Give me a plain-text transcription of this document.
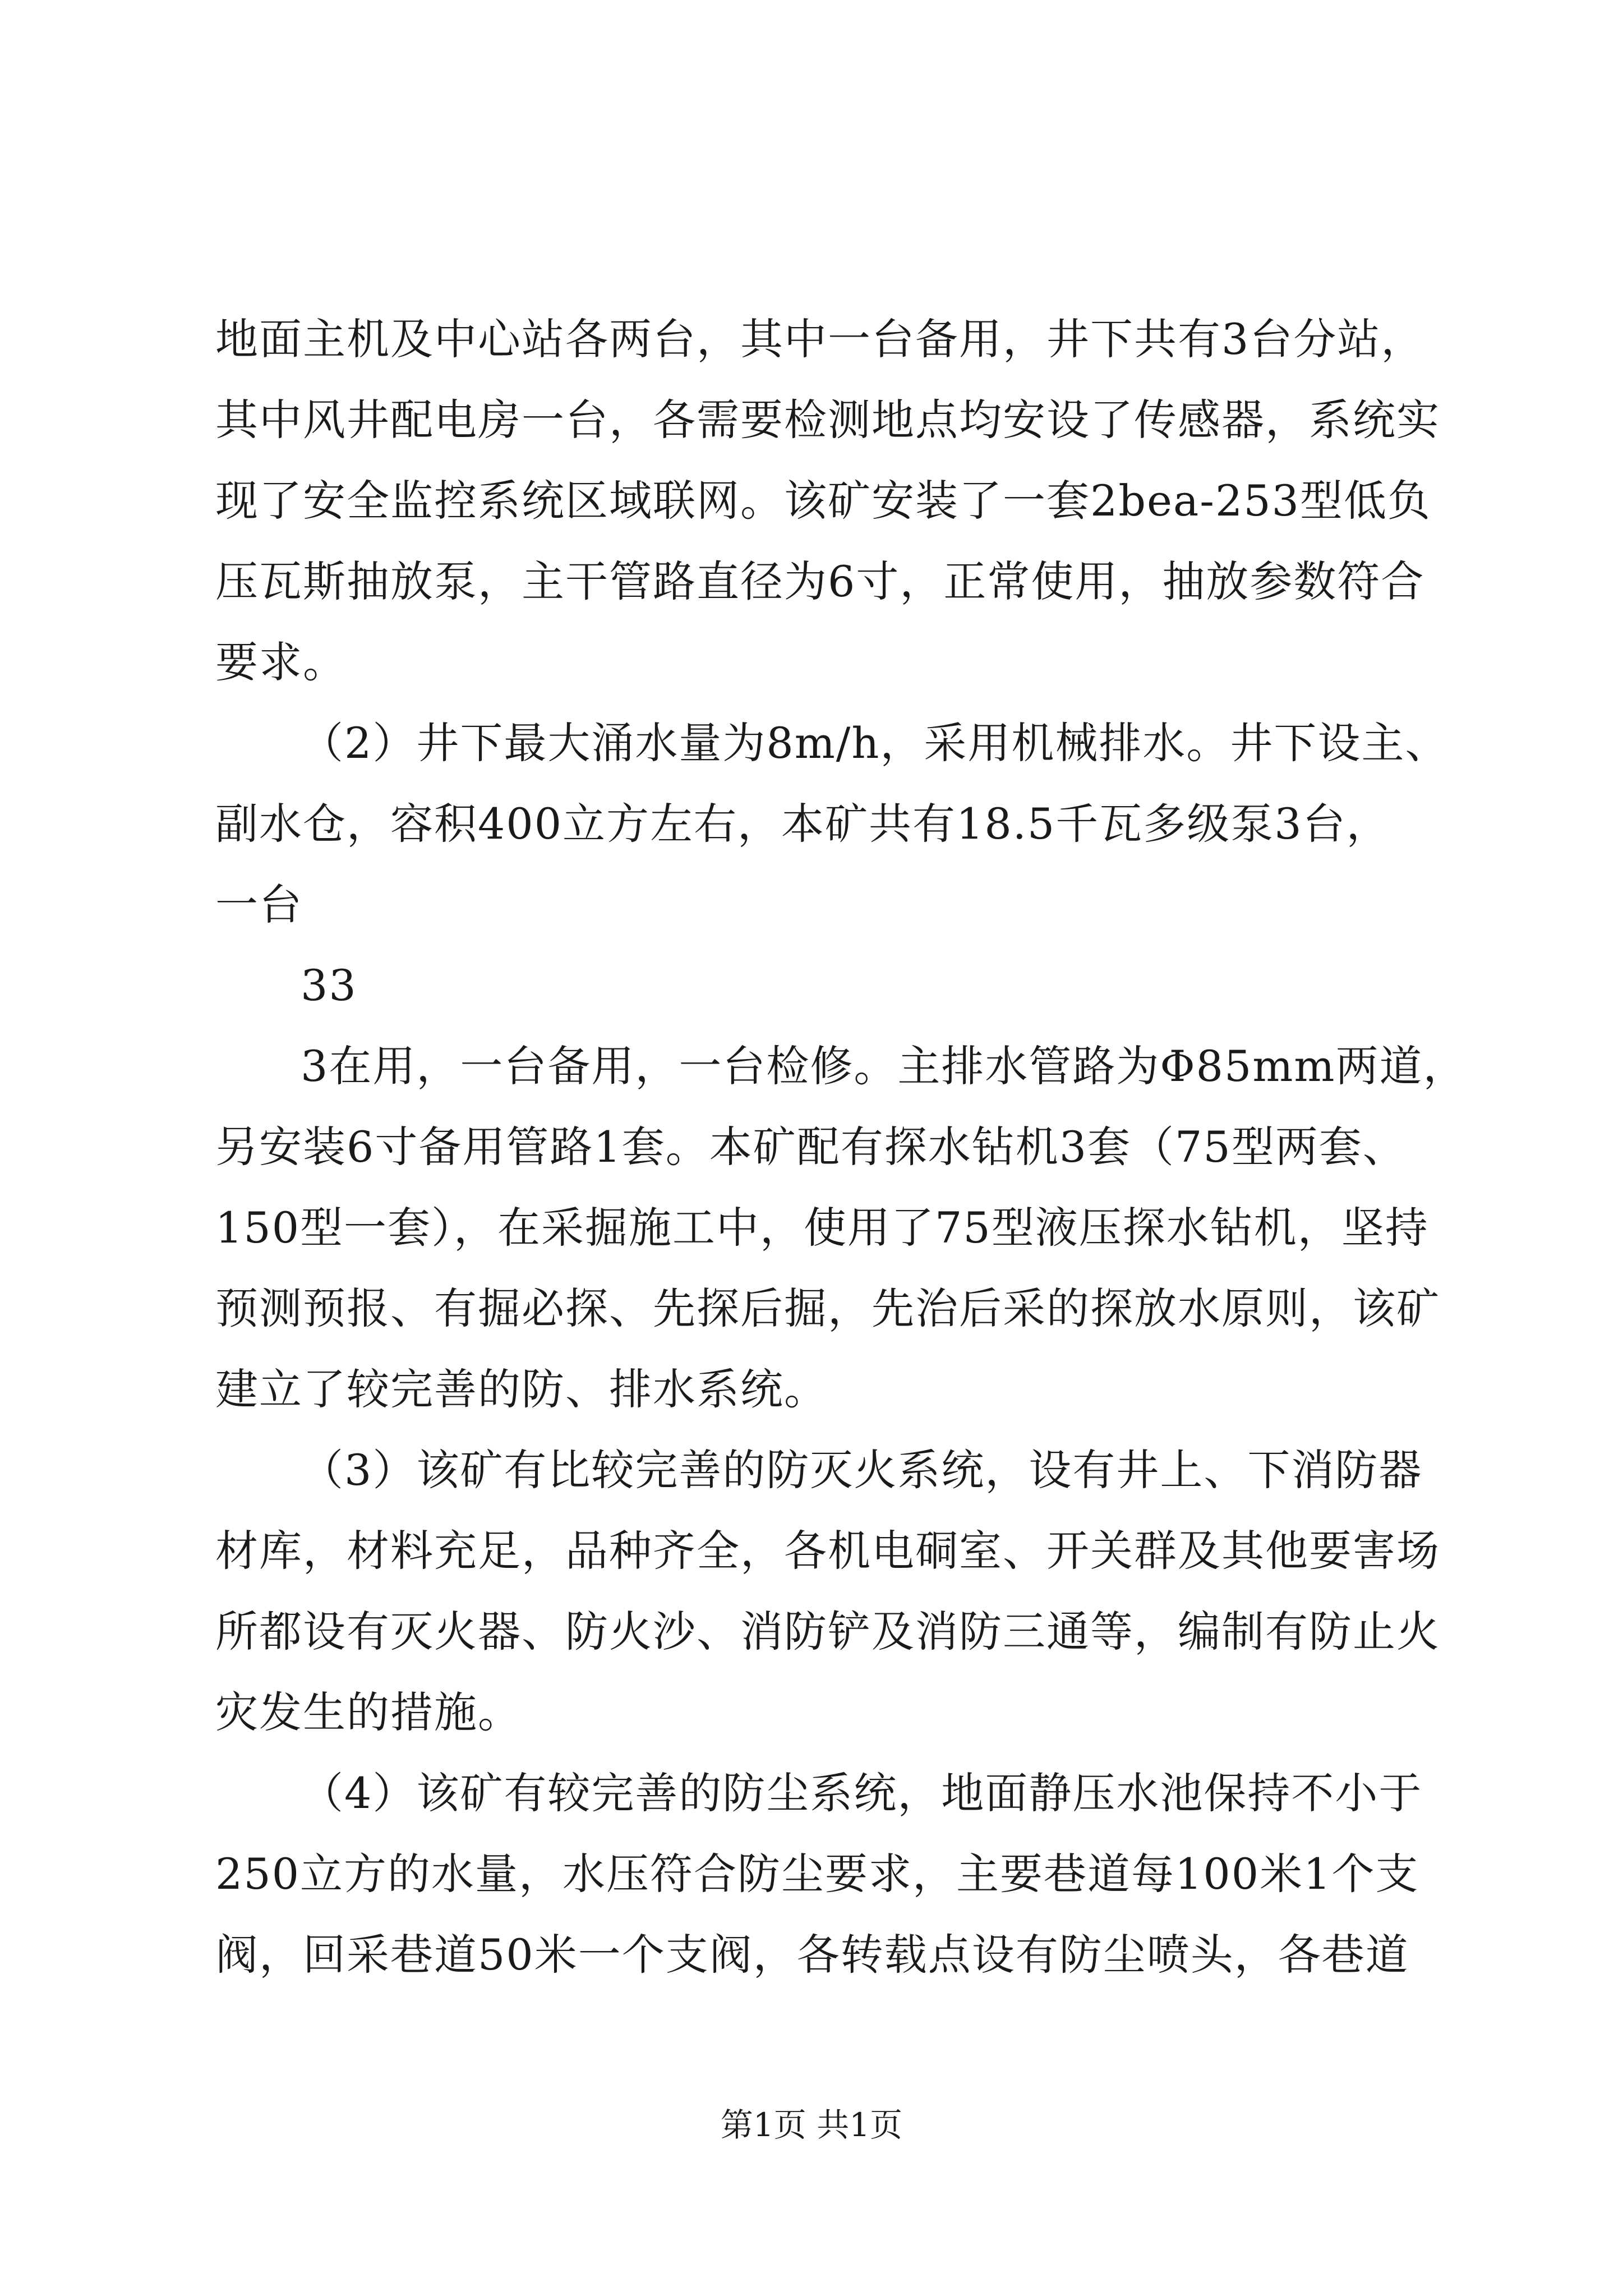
地面主机及中心站各两台，其中一台备用，井下共有3台分站，
其中风井配电房一台，各需要检测地点均安设了传感器，系统实
现了安全监控系统区域联网。该矿安装了一套2bea-253型低负
压瓦斯抽放泵，主干管路直径为6寸，正常使用，抽放参数符合
要求。
（2）井下最大涌水量为8m/h，采用机械排水。井下设主、
副水仓，容积400立方左右，本矿共有18.5千瓦多级泵3台，
一台
33
3在用，一台备用，一台检修。主排水管路为Φ85mm两道，
另安装6寸备用管路1套。本矿配有探水钻机3套（75型两套、
150型一套），在采掘施工中，使用了75型液压探水钻机，坚持
预测预报、有掘必探、先探后掘，先治后采的探放水原则，该矿
建立了较完善的防、排水系统。
（3）该矿有比较完善的防灭火系统，设有井上、下消防器
材库，材料充足，品种齐全，各机电硐室、开关群及其他要害场
所都设有灭火器、防火沙、消防铲及消防三通等，编制有防止火
灾发生的措施。
（4）该矿有较完善的防尘系统，地面静压水池保持不小于
250立方的水量，水压符合防尘要求，主要巷道每100米1个支
阀，回采巷道50米一个支阀，各转载点设有防尘喷头，各巷道
第1页 共1页
